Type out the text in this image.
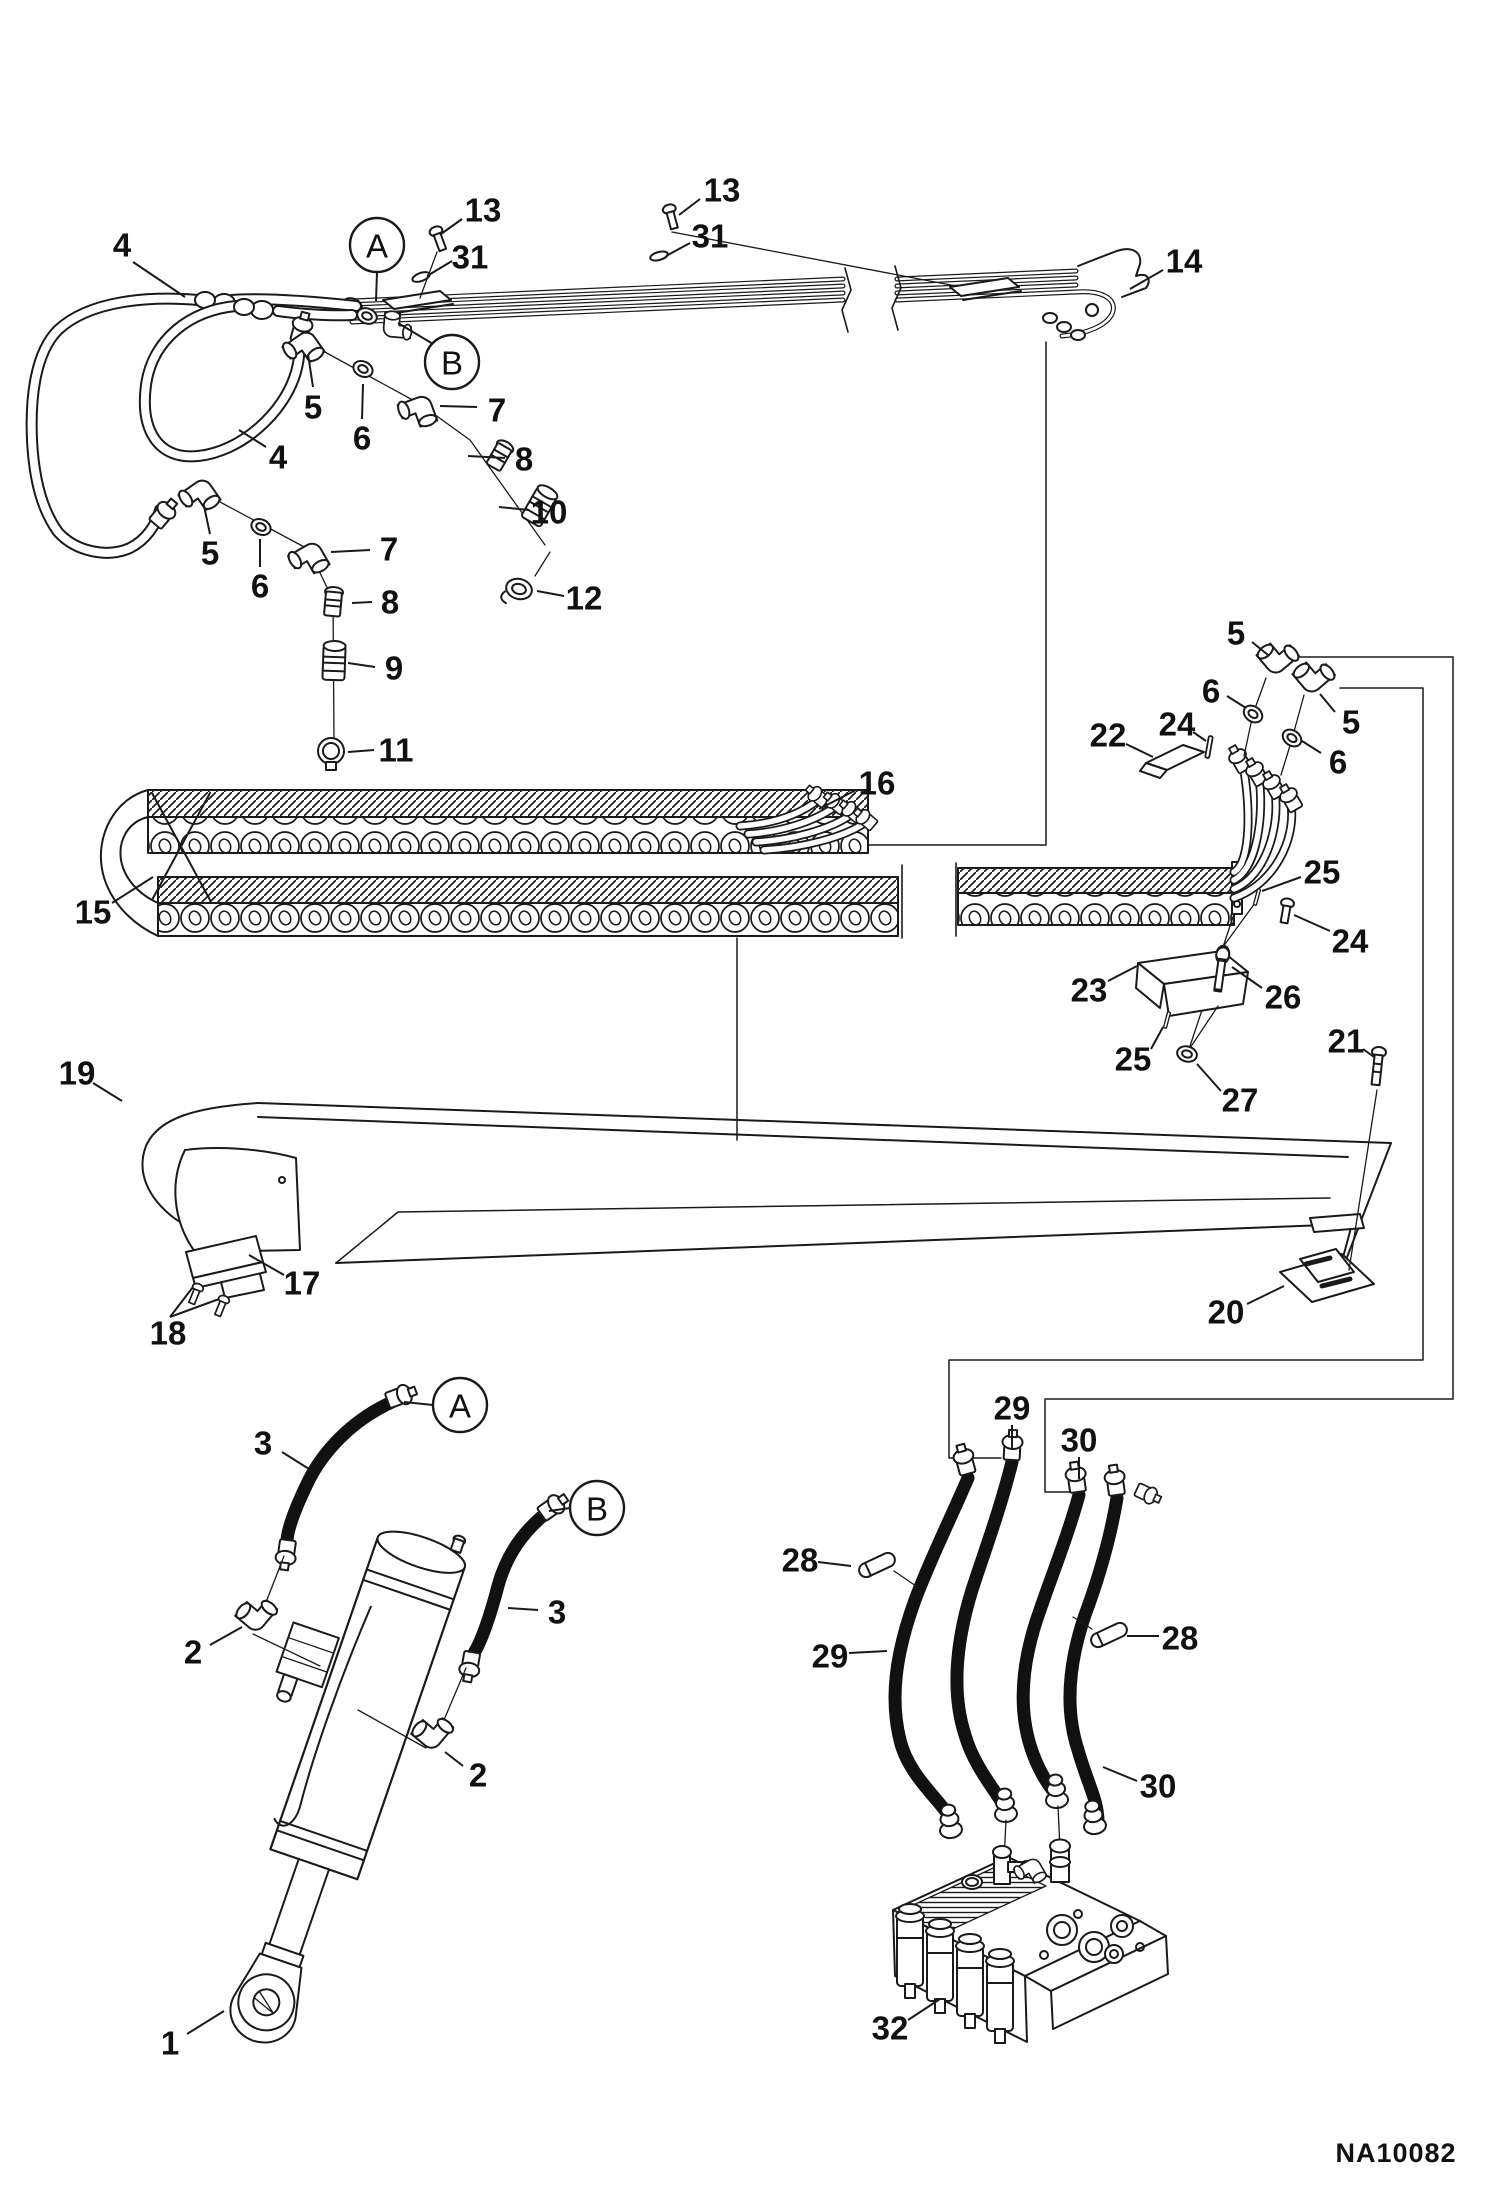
4
13
31
13
31
14
5
6
7
4	8
10
12
5
6
7
8
9
11
15
16
19
17
18
20
21
22 24
5
6
5
6
25
24
23	26
25
27
3
3
2
2
1
28
29
29
30
28
30
32
A
B
A
B
NA10082
